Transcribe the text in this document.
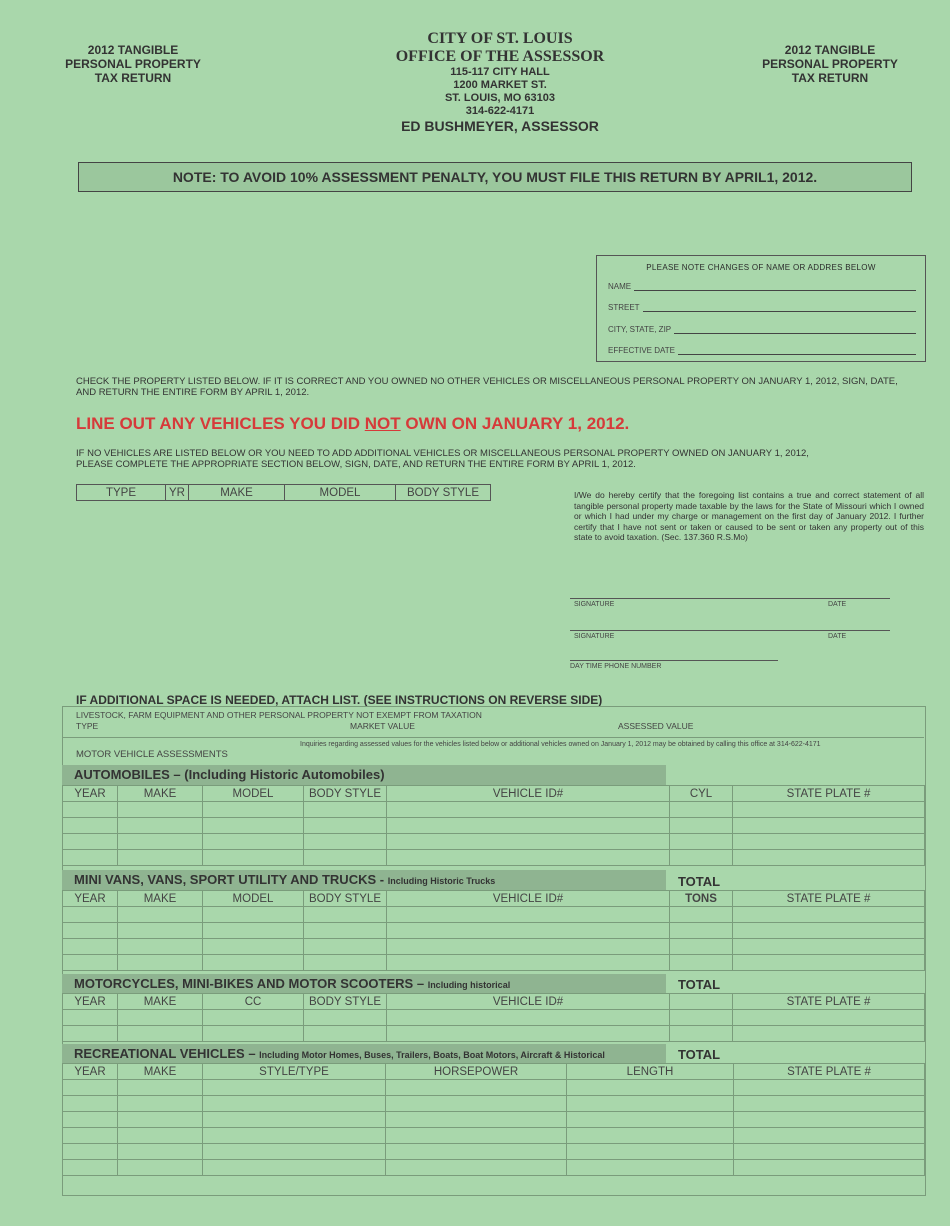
2012 TANGIBLE
PERSONAL PROPERTY
TAX RETURN
2012 TANGIBLE
PERSONAL PROPERTY
TAX RETURN
CITY OF ST. LOUIS
OFFICE OF THE ASSESSOR
115-117 CITY HALL
1200 MARKET ST.
ST. LOUIS, MO 63103
314-622-4171
ED BUSHMEYER, ASSESSOR
NOTE: TO AVOID 10% ASSESSMENT PENALTY, YOU MUST FILE THIS RETURN BY APRIL1, 2012.
PLEASE NOTE CHANGES OF NAME OR ADDRES BELOW
NAME
STREET
CITY, STATE, ZIP
EFFECTIVE DATE
CHECK THE PROPERTY LISTED BELOW. IF IT IS CORRECT AND YOU OWNED NO OTHER VEHICLES OR MISCELLANEOUS PERSONAL PROPERTY ON JANUARY 1, 2012, SIGN, DATE, AND RETURN THE ENTIRE FORM BY APRIL 1, 2012.
LINE OUT ANY VEHICLES YOU DID NOT OWN ON JANUARY 1, 2012.
IF NO VEHICLES ARE LISTED BELOW OR YOU NEED TO ADD ADDITIONAL VEHICLES OR MISCELLANEOUS PERSONAL PROPERTY OWNED ON JANUARY 1, 2012, PLEASE COMPLETE THE APPROPRIATE SECTION BELOW, SIGN, DATE, AND RETURN THE ENTIRE FORM BY APRIL 1, 2012.
TYPE	YR	MAKE	MODEL	BODY STYLE	I/We do hereby certify that the foregoing list contains a true and correct statement of all tangible personal property made taxable by the laws for the State of Missouri which I owned or which I had under my charge or management on the first day of January 2012. I further certify that I have not sent or taken or caused to be sent or taken any property out of this state to avoid taxation. (Sec. 137.360 R.S.Mo)
SIGNATURE	DATE
SIGNATURE	DATE
DAY TIME PHONE NUMBER
IF ADDITIONAL SPACE IS NEEDED, ATTACH LIST. (SEE INSTRUCTIONS ON REVERSE SIDE)
LIVESTOCK, FARM EQUIPMENT AND OTHER PERSONAL PROPERTY NOT EXEMPT FROM TAXATION
TYPE	MARKET VALUE	ASSESSED VALUE
MOTOR VEHICLE ASSESSMENTS
Inquiries regarding assessed values for the vehicles listed below or additional vehicles owned on January 1, 2012 may be obtained by calling this office at 314-622-4171
AUTOMOBILES – (Including Historic Automobiles)
YEAR	MAKE	MODEL	BODY STYLE	VEHICLE ID#	CYL	STATE PLATE #

MINI VANS, VANS, SPORT UTILITY AND TRUCKS - Including Historic Trucks	TOTAL
YEAR	MAKE	MODEL	BODY STYLE	VEHICLE ID#	TONS	STATE PLATE #

MOTORCYCLES, MINI-BIKES AND MOTOR SCOOTERS – Including historical	TOTAL
YEAR	MAKE	CC	BODY STYLE	VEHICLE ID#		STATE PLATE #

RECREATIONAL VEHICLES – Including Motor Homes, Buses, Trailers, Boats, Boat Motors, Aircraft & Historical	TOTAL
YEAR	MAKE	STYLE/TYPE	HORSEPOWER	LENGTH	STATE PLATE #
